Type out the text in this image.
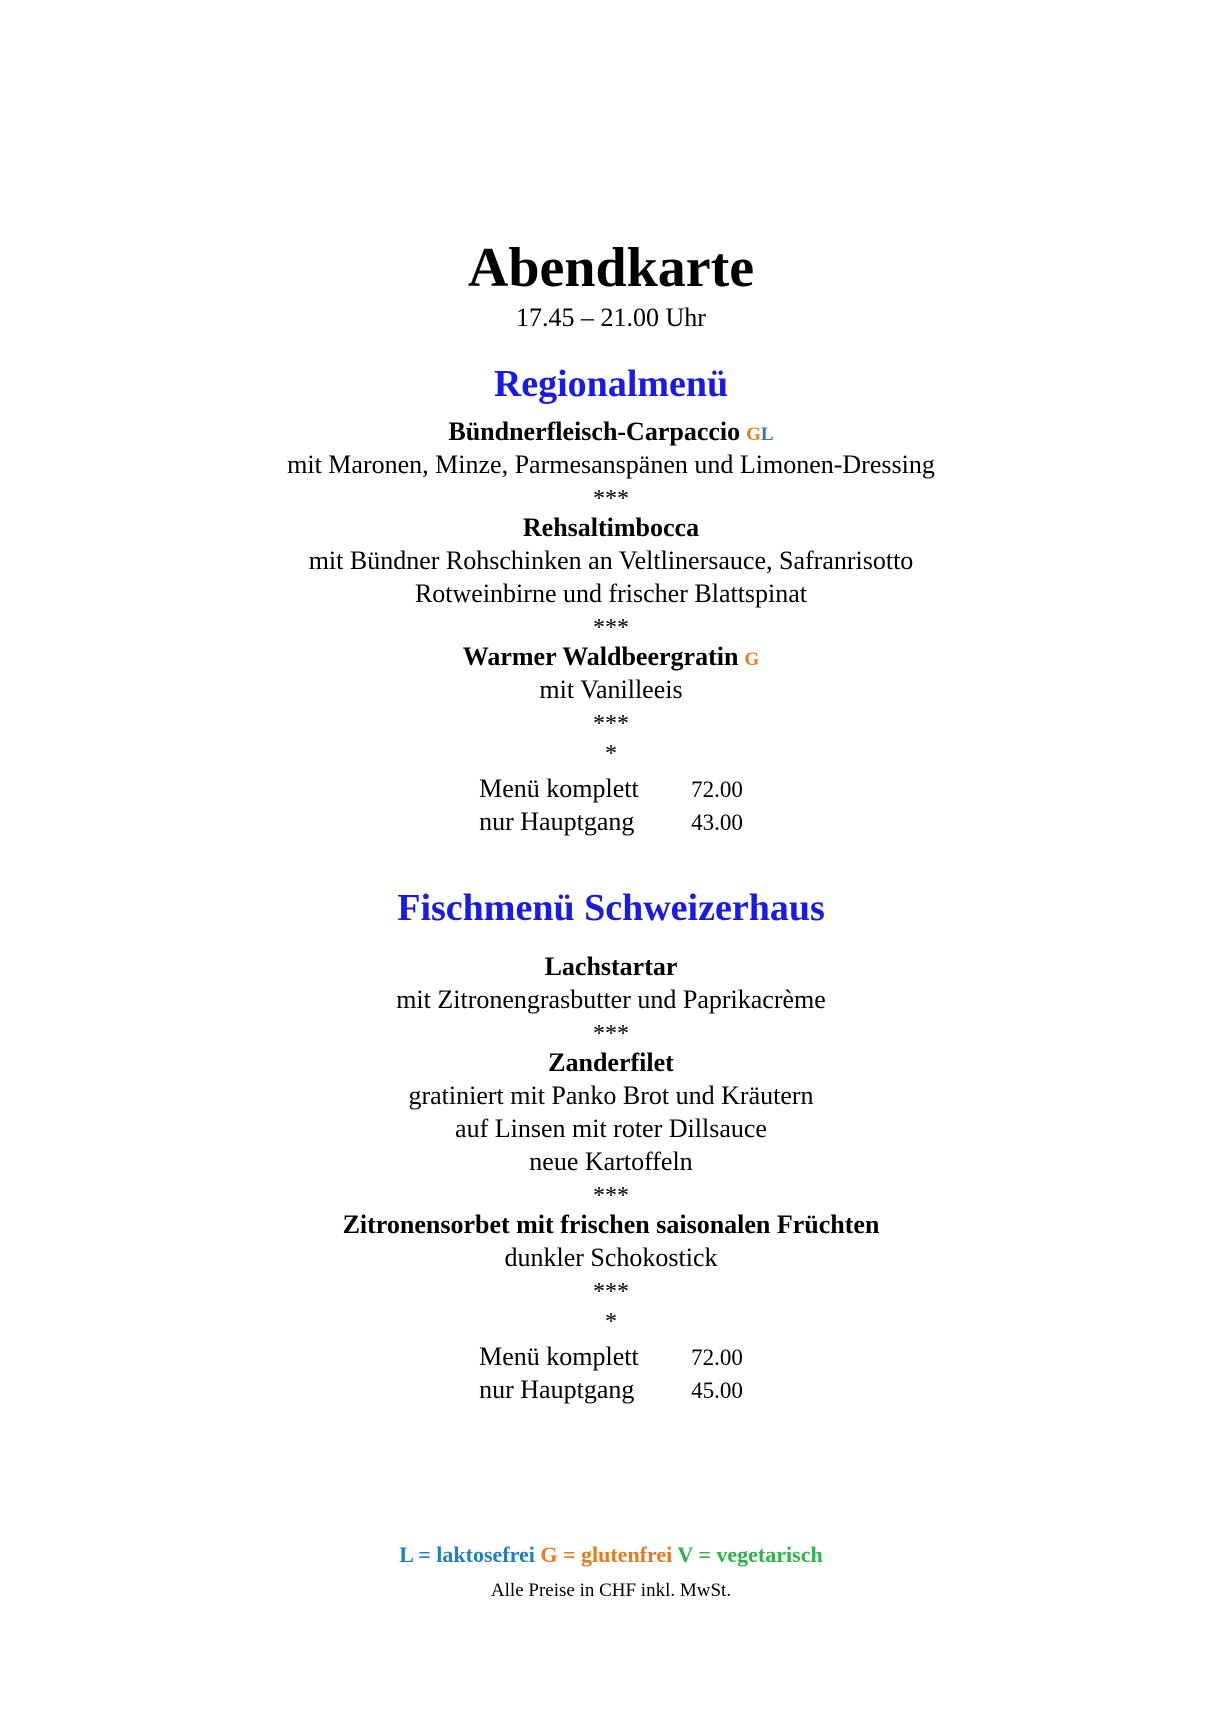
Abendkarte
17.45 – 21.00 Uhr
Regionalmenü
Bündnerfleisch-Carpaccio GL
mit Maronen, Minze, Parmesanspänen und Limonen-Dressing
***
Rehsaltimbocca
mit Bündner Rohschinken an Veltlinersauce, Safranrisotto
Rotweinbirne und frischer Blattspinat
***
Warmer Waldbeergratin G
mit Vanilleeis
***
*
Menü komplett 72.00
nur Hauptgang 43.00
Fischmenü Schweizerhaus
Lachstartar
mit Zitronengrasbutter und Paprikacrème
***
Zanderfilet
gratiniert mit Panko Brot und Kräutern
auf Linsen mit roter Dillsauce
neue Kartoffeln
***
Zitronensorbet mit frischen saisonalen Früchten
dunkler Schokostick
***
*
Menü komplett 72.00
nur Hauptgang 45.00
L = laktosefrei G = glutenfrei V = vegetarisch
Alle Preise in CHF inkl. MwSt.
